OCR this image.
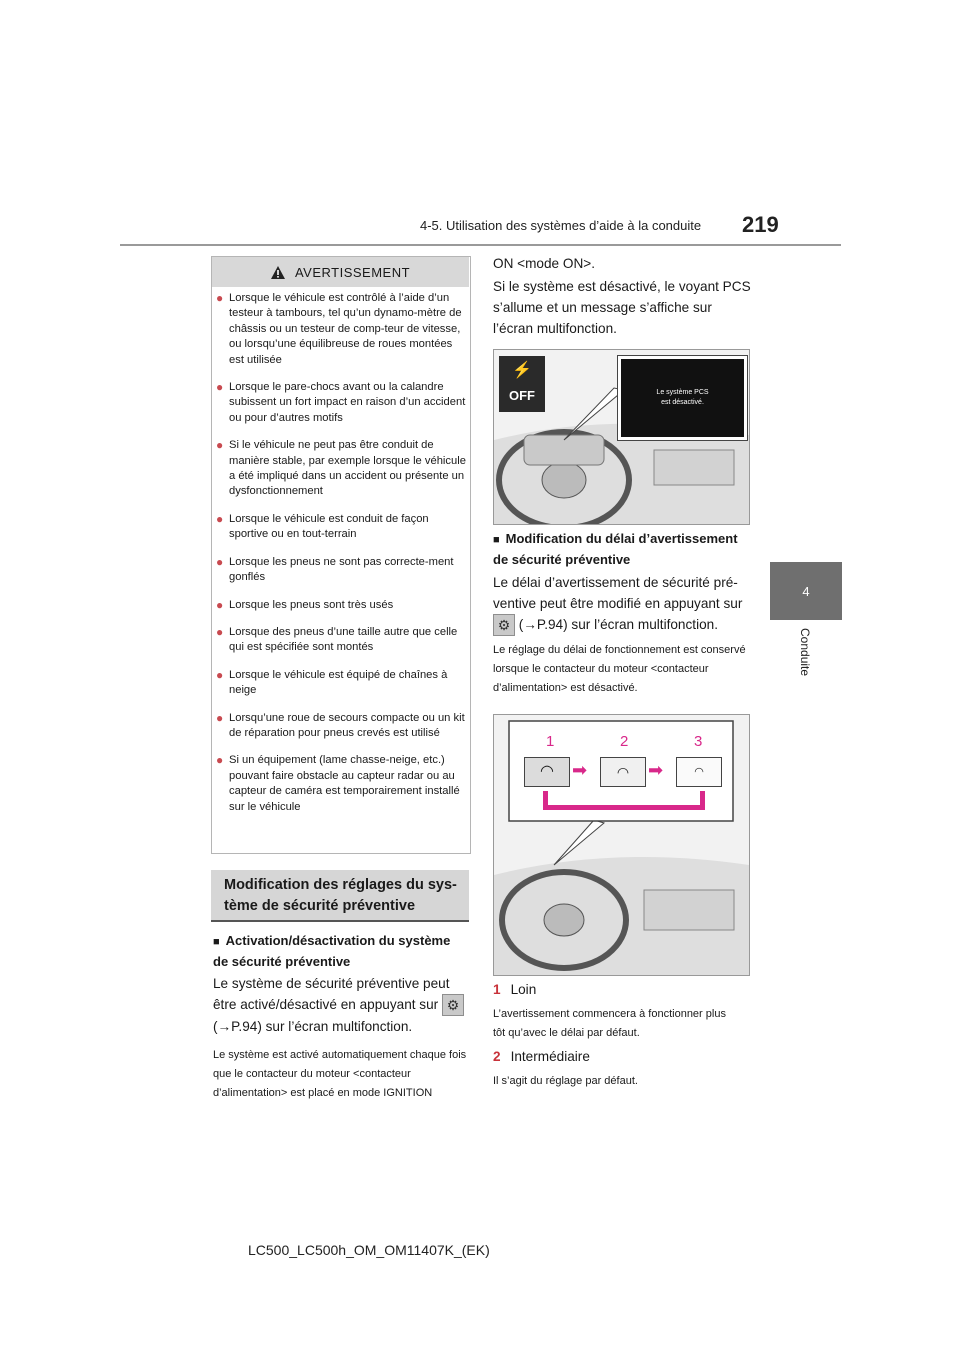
4-5. Utilisation des systèmes d’aide à la conduite 219
4
Conduite
AVERTISSEMENT
● Lorsque le véhicule est contrôlé à l’aide d’un testeur à tambours, tel qu’un dynamo-mètre de châssis ou un testeur de comp-teur de vitesse, ou lorsqu’une équilibreuse de roues montées est utilisée
● Lorsque le pare-chocs avant ou la calandre subissent un fort impact en raison d’un accident ou pour d’autres motifs
● Si le véhicule ne peut pas être conduit de manière stable, par exemple lorsque le véhicule a été impliqué dans un accident ou présente un dysfonctionnement
● Lorsque le véhicule est conduit de façon sportive ou en tout-terrain
● Lorsque les pneus ne sont pas correcte-ment gonflés
● Lorsque les pneus sont très usés
● Lorsque des pneus d’une taille autre que celle qui est spécifiée sont montés
● Lorsque le véhicule est équipé de chaînes à neige
● Lorsqu’une roue de secours compacte ou un kit de réparation pour pneus crevés est utilisé
● Si un équipement (lame chasse-neige, etc.) pouvant faire obstacle au capteur radar ou au capteur de caméra est temporairement installé sur le véhicule
Modification des réglages du sys-tème de sécurité préventive
■ Activation/désactivation du système de sécurité préventive
Le système de sécurité préventive peut être activé/désactivé en appuyant sur ⚙
(→P.94) sur l’écran multifonction.
Le système est activé automatiquement chaque fois que le contacteur du moteur <contacteur d’alimentation> est placé en mode IGNITION
ON <mode ON>.
Si le système est désactivé, le voyant PCS s’allume et un message s’affiche sur l’écran multifonction.
⚡
OFF	Le système PCS
est désactivé.
■ Modification du délai d’avertissement de sécurité préventive
Le délai d’avertissement de sécurité pré-ventive peut être modifié en appuyant sur
⚙ (→P.94) sur l’écran multifonction.
Le réglage du délai de fonctionnement est conservé lorsque le contacteur du moteur <contacteur d’alimentation> est désactivé.
1	2	3
◠	◠	◠
➡	➡
1 Loin
L’avertissement commencera à fonctionner plus tôt qu’avec le délai par défaut.
2 Intermédiaire
Il s’agit du réglage par défaut.
LC500_LC500h_OM_OM11407K_(EK)
